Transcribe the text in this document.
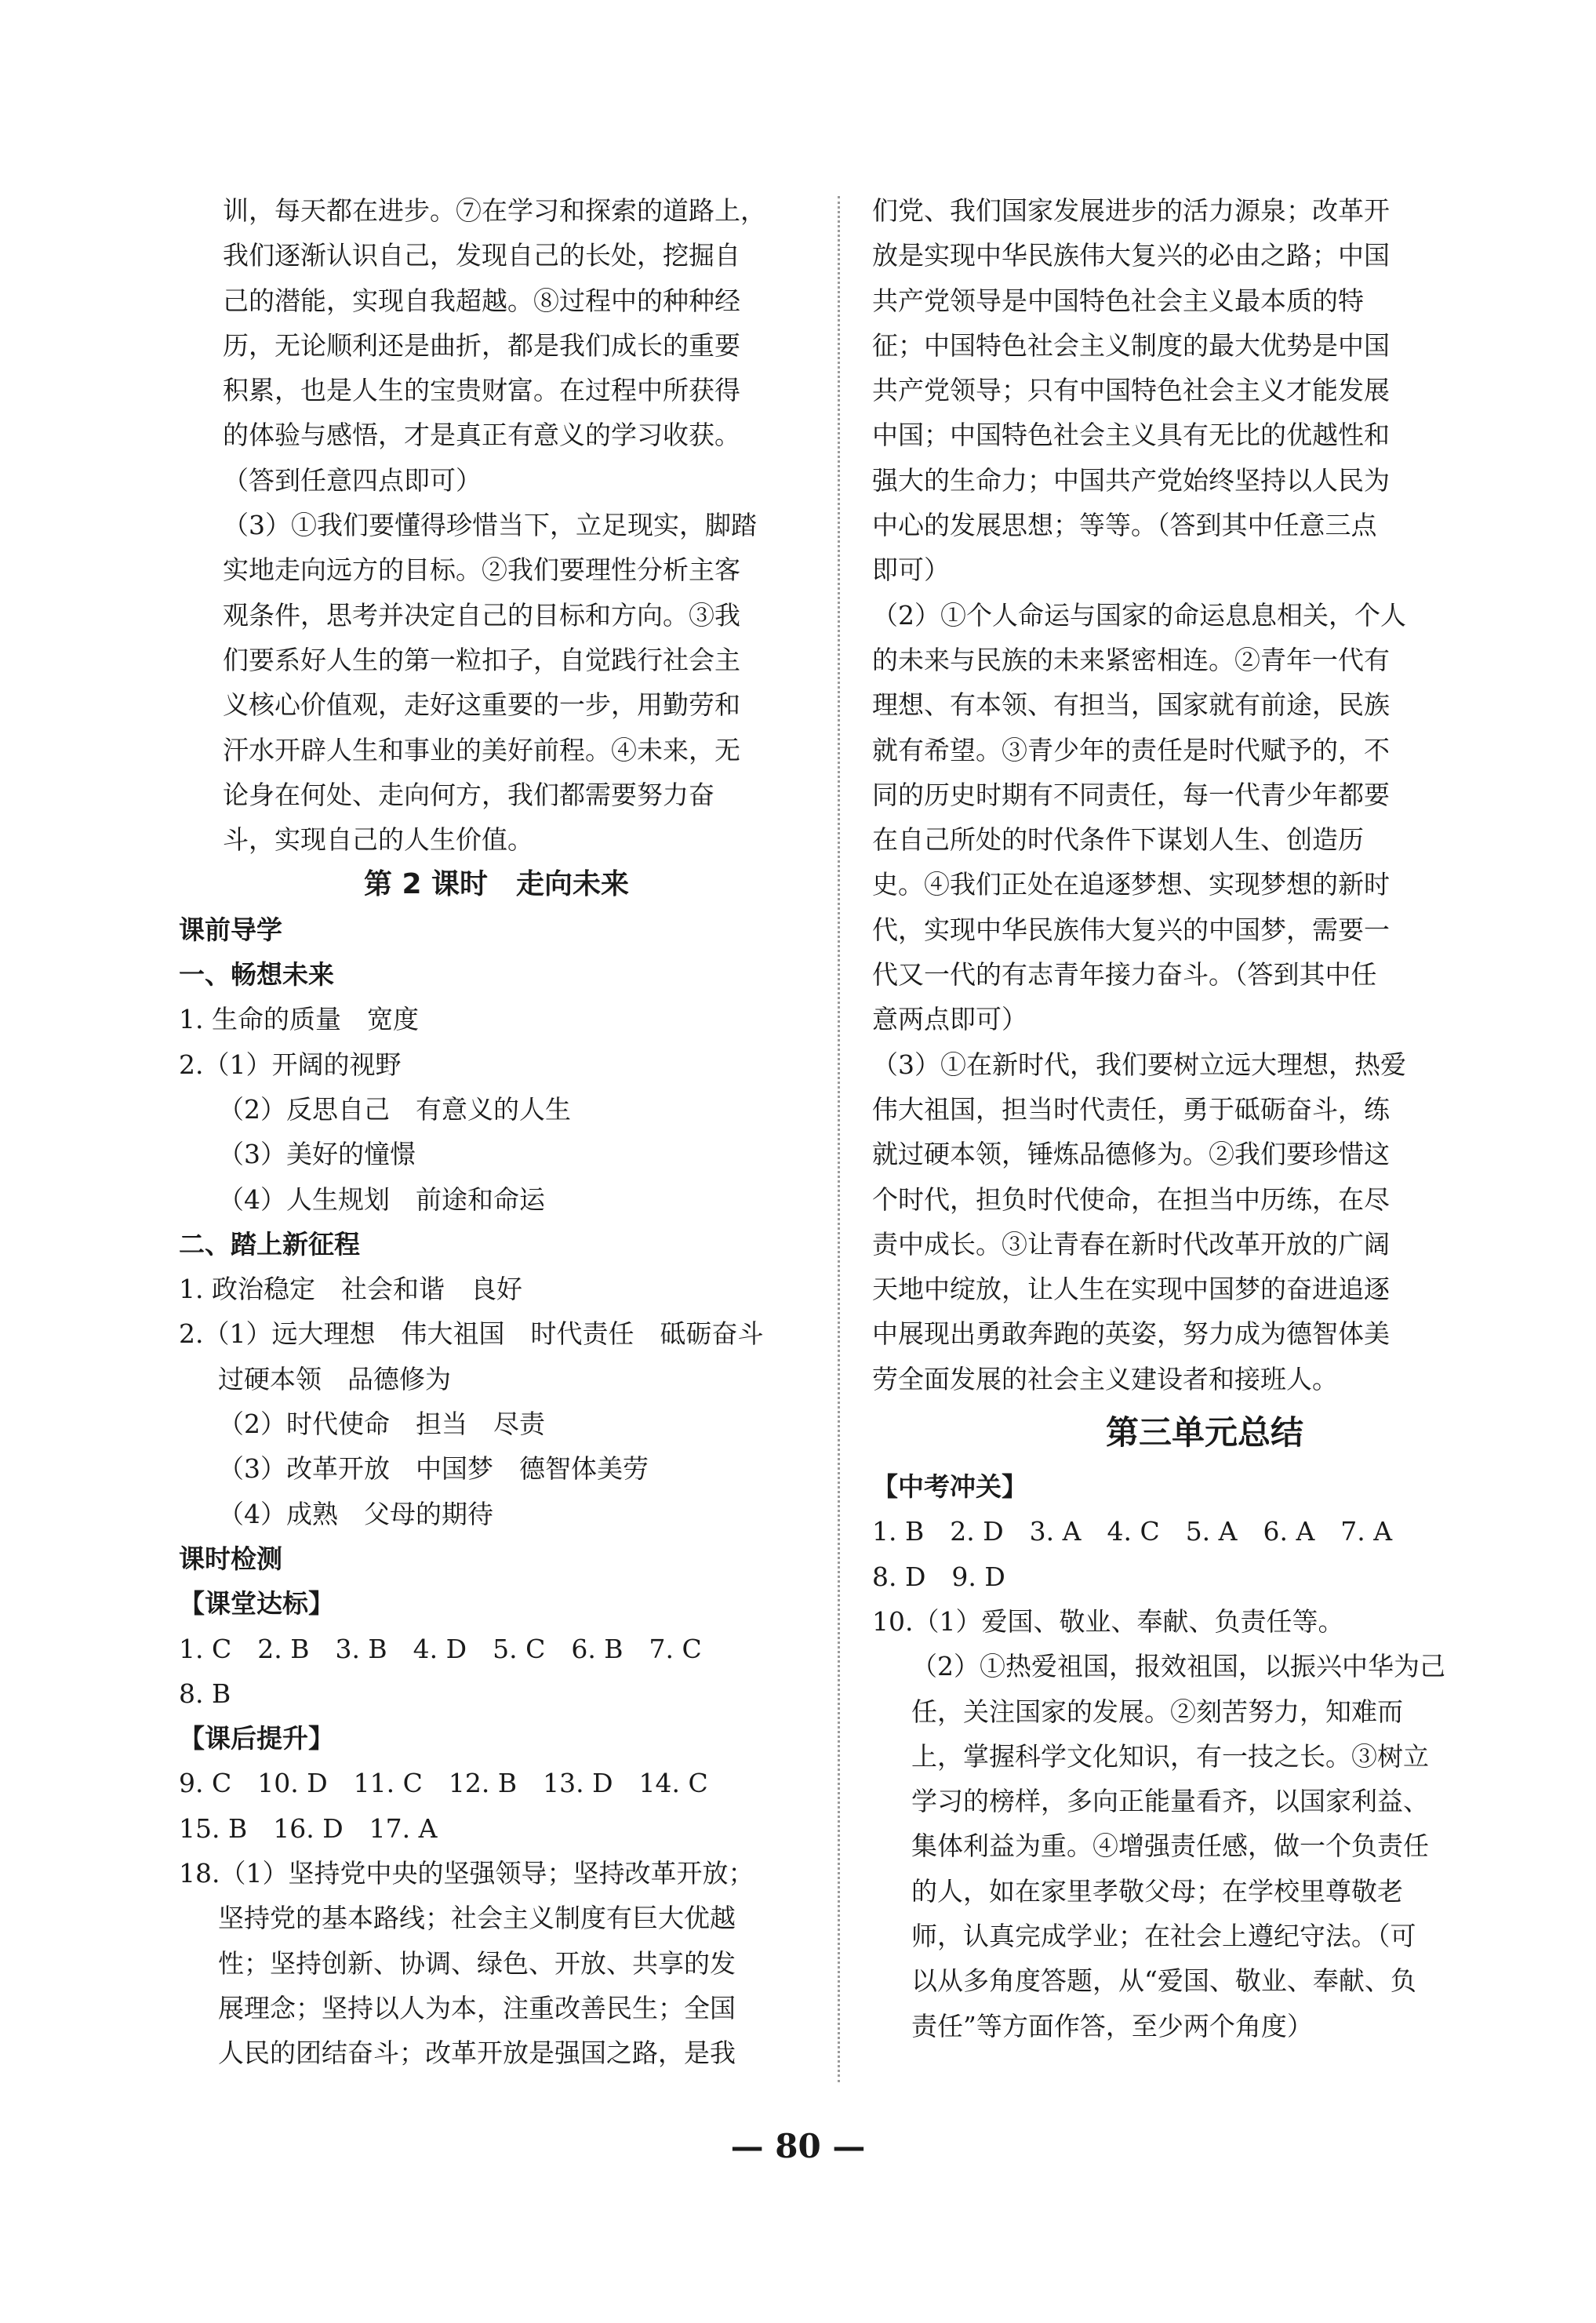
训，每天都在进步。⑦在学习和探索的道路上，
我们逐渐认识自己，发现自己的长处，挖掘自
己的潜能，实现自我超越。⑧过程中的种种经
历，无论顺利还是曲折，都是我们成长的重要
积累，也是人生的宝贵财富。在过程中所获得
的体验与感悟，才是真正有意义的学习收获。
（答到任意四点即可）
（3）①我们要懂得珍惜当下，立足现实，脚踏
实地走向远方的目标。②我们要理性分析主客
观条件，思考并决定自己的目标和方向。③我
们要系好人生的第一粒扣子，自觉践行社会主
义核心价值观，走好这重要的一步，用勤劳和
汗水开辟人生和事业的美好前程。④未来，无
论身在何处、走向何方，我们都需要努力奋
斗，实现自己的人生价值。
第 2 课时　走向未来
课前导学
一、畅想未来
1. 生命的质量　宽度
2.（1）开阔的视野
（2）反思自己　有意义的人生
（3）美好的憧憬
（4）人生规划　前途和命运
二、踏上新征程
1. 政治稳定　社会和谐　良好
2.（1）远大理想　伟大祖国　时代责任　砥砺奋斗
过硬本领　品德修为
（2）时代使命　担当　尽责
（3）改革开放　中国梦　德智体美劳
（4）成熟　父母的期待
课时检测
【课堂达标】
1. C　2. B　3. B　4. D　5. C　6. B　7. C
8. B
【课后提升】
9. C　10. D　11. C　12. B　13. D　14. C
15. B　16. D　17. A
18.（1）坚持党中央的坚强领导；坚持改革开放；
坚持党的基本路线；社会主义制度有巨大优越
性；坚持创新、协调、绿色、开放、共享的发
展理念；坚持以人为本，注重改善民生；全国
人民的团结奋斗；改革开放是强国之路，是我
们党、我们国家发展进步的活力源泉；改革开
放是实现中华民族伟大复兴的必由之路；中国
共产党领导是中国特色社会主义最本质的特
征；中国特色社会主义制度的最大优势是中国
共产党领导；只有中国特色社会主义才能发展
中国；中国特色社会主义具有无比的优越性和
强大的生命力；中国共产党始终坚持以人民为
中心的发展思想；等等。（答到其中任意三点
即可）
（2）①个人命运与国家的命运息息相关，个人
的未来与民族的未来紧密相连。②青年一代有
理想、有本领、有担当，国家就有前途，民族
就有希望。③青少年的责任是时代赋予的，不
同的历史时期有不同责任，每一代青少年都要
在自己所处的时代条件下谋划人生、创造历
史。④我们正处在追逐梦想、实现梦想的新时
代，实现中华民族伟大复兴的中国梦，需要一
代又一代的有志青年接力奋斗。（答到其中任
意两点即可）
（3）①在新时代，我们要树立远大理想，热爱
伟大祖国，担当时代责任，勇于砥砺奋斗，练
就过硬本领，锤炼品德修为。②我们要珍惜这
个时代，担负时代使命，在担当中历练，在尽
责中成长。③让青春在新时代改革开放的广阔
天地中绽放，让人生在实现中国梦的奋进追逐
中展现出勇敢奔跑的英姿，努力成为德智体美
劳全面发展的社会主义建设者和接班人。
第三单元总结
【中考冲关】
1. B　2. D　3. A　4. C　5. A　6. A　7. A
8. D　9. D
10.（1）爱国、敬业、奉献、负责任等。
（2）①热爱祖国，报效祖国，以振兴中华为己
任，关注国家的发展。②刻苦努力，知难而
上，掌握科学文化知识，有一技之长。③树立
学习的榜样，多向正能量看齐，以国家利益、
集体利益为重。④增强责任感，做一个负责任
的人，如在家里孝敬父母；在学校里尊敬老
师，认真完成学业；在社会上遵纪守法。（可
以从多角度答题，从“爱国、敬业、奉献、负
责任”等方面作答，至少两个角度）
— 80 —
